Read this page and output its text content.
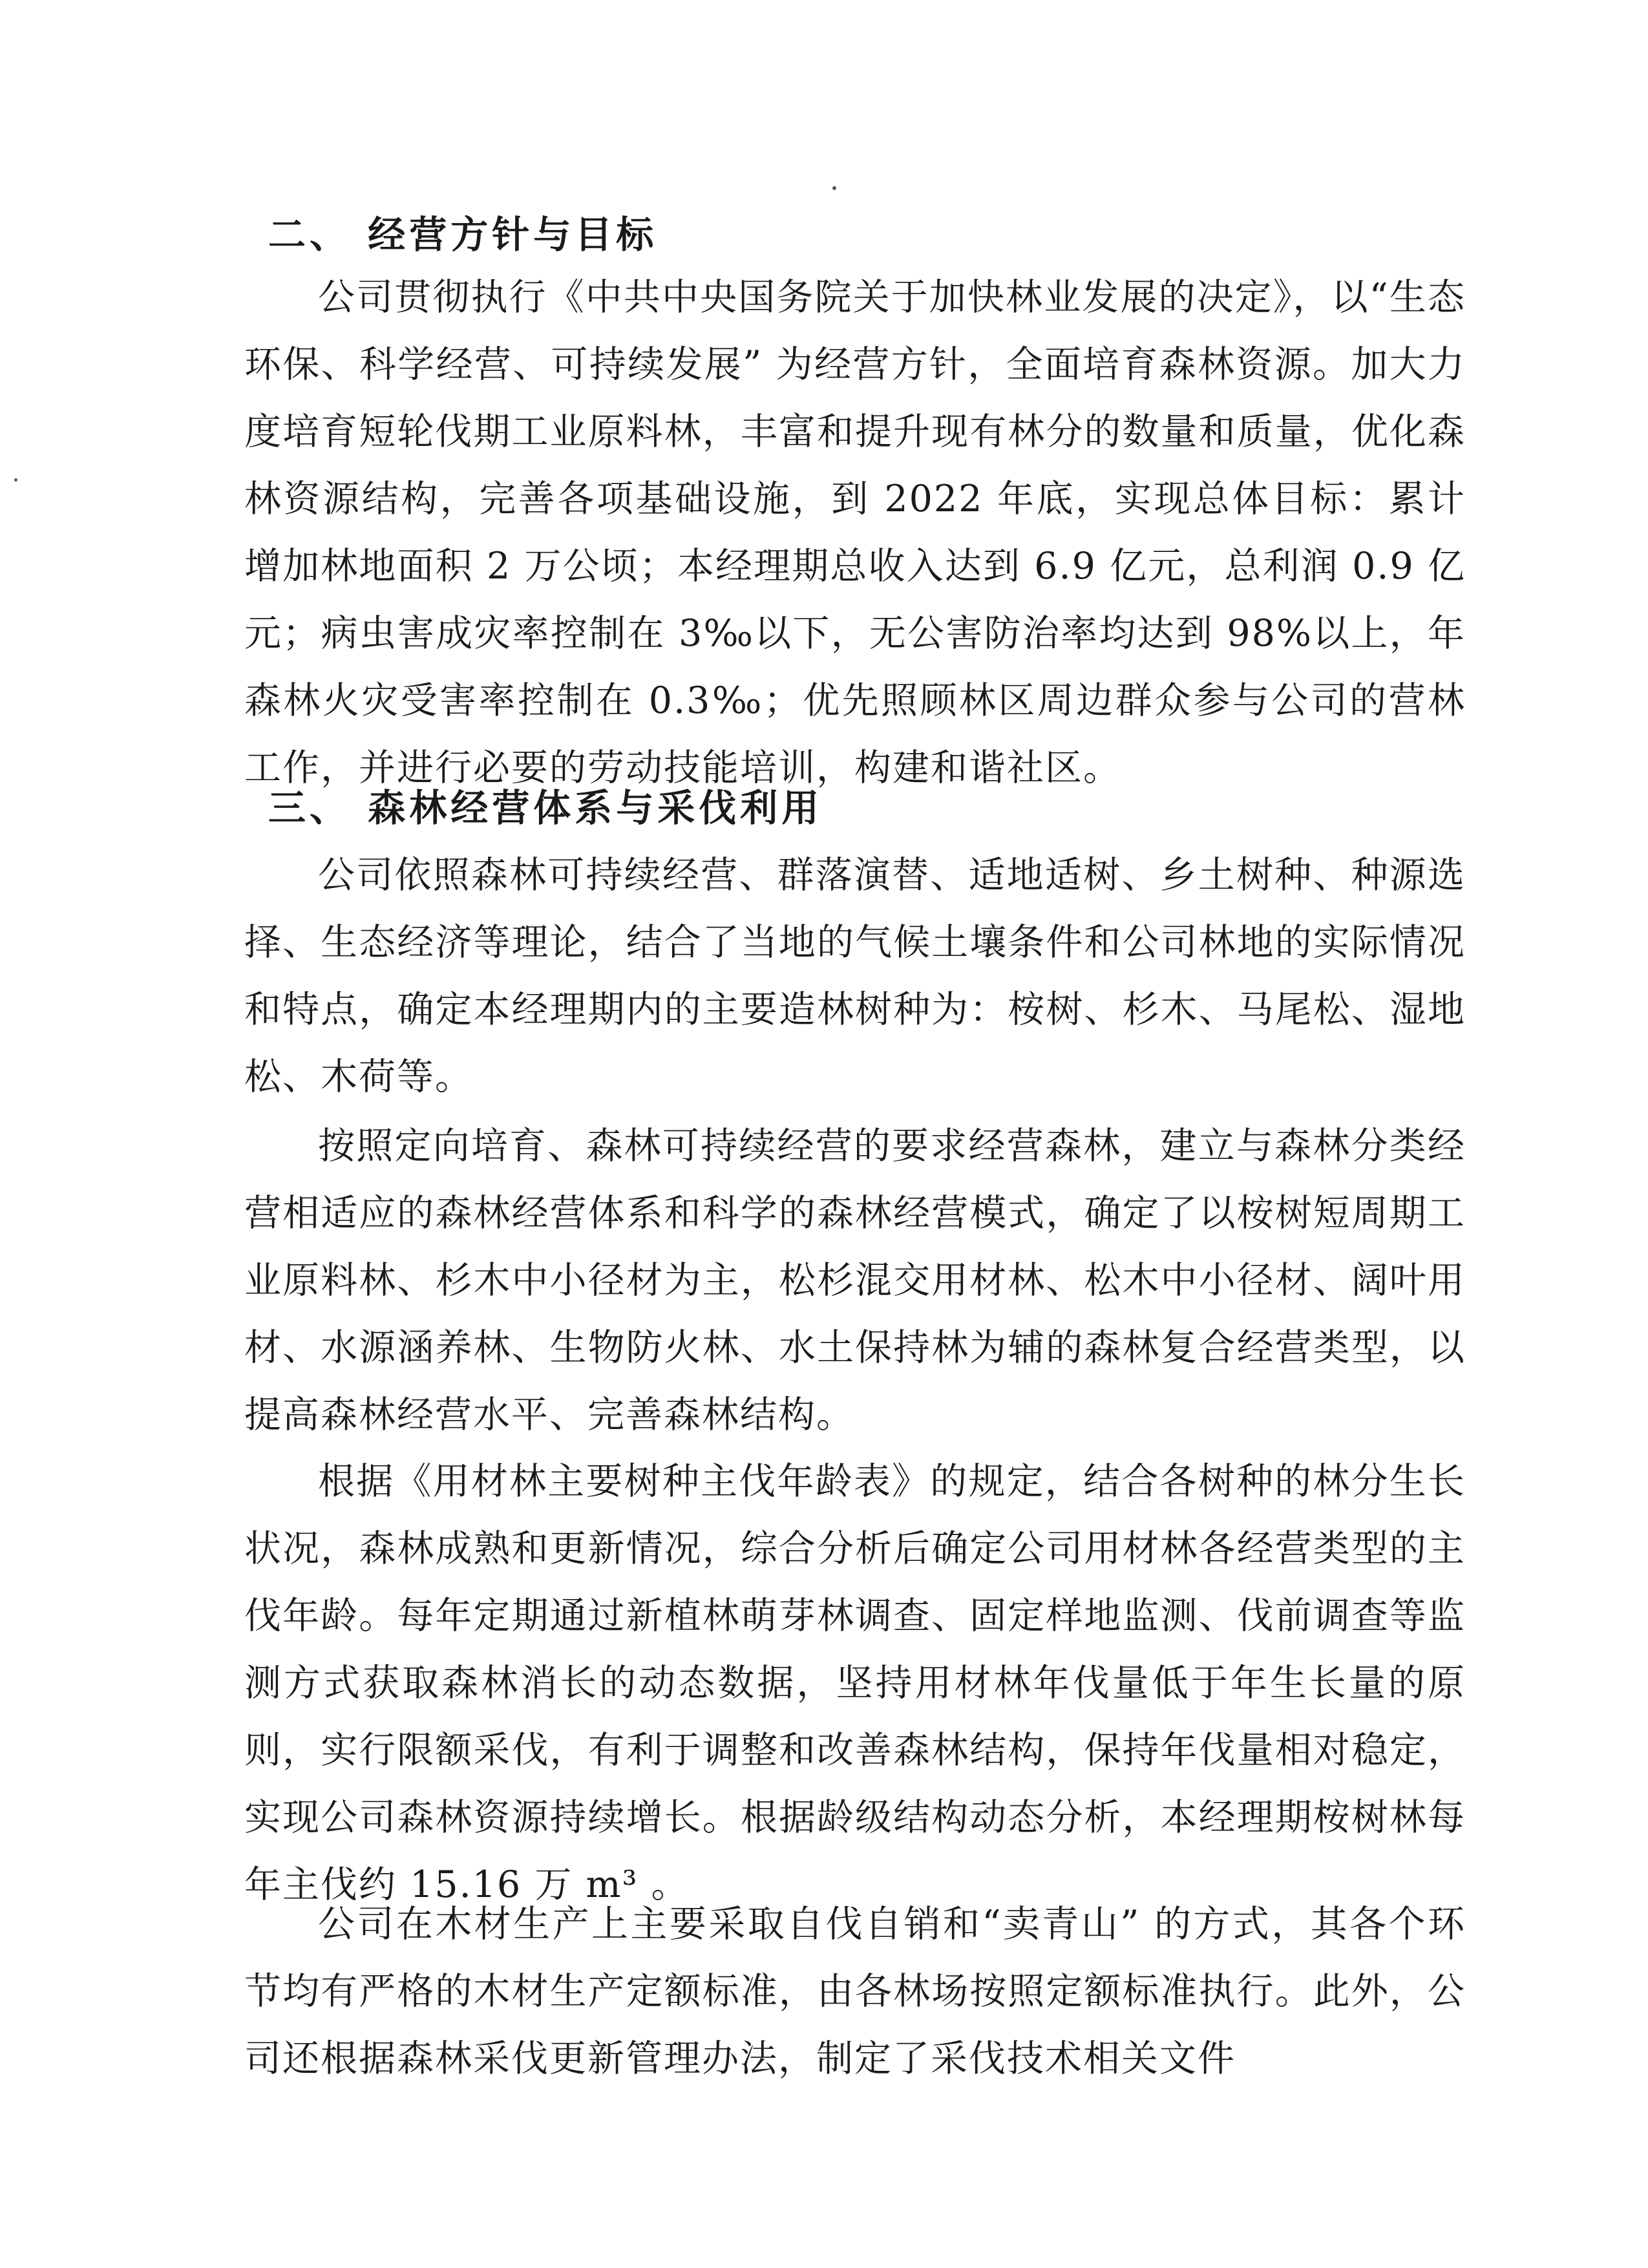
二、 经营方针与目标

公司贯彻执行《中共中央国务院关于加快林业发展的决定》，以“生态环保、科学经营、可持续发展” 为经营方针，全面培育森林资源。加大力度培育短轮伐期工业原料林，丰富和提升现有林分的数量和质量，优化森林资源结构，完善各项基础设施，到 2022 年底，实现总体目标：累计增加林地面积 2 万公顷；本经理期总收入达到 6.9 亿元，总利润 0.9 亿元；病虫害成灾率控制在 3‰以下，无公害防治率均达到 98%以上，年森林火灾受害率控制在 0.3‰；优先照顾林区周边群众参与公司的营林工作，并进行必要的劳动技能培训，构建和谐社区。

三、 森林经营体系与采伐利用

公司依照森林可持续经营、群落演替、适地适树、乡土树种、种源选择、生态经济等理论，结合了当地的气候土壤条件和公司林地的实际情况和特点，确定本经理期内的主要造林树种为：桉树、杉木、马尾松、湿地松、木荷等。

按照定向培育、森林可持续经营的要求经营森林，建立与森林分类经营相适应的森林经营体系和科学的森林经营模式，确定了以桉树短周期工业原料林、杉木中小径材为主，松杉混交用材林、松木中小径材、阔叶用材、水源涵养林、生物防火林、水土保持林为辅的森林复合经营类型，以提高森林经营水平、完善森林结构。

根据《用材林主要树种主伐年龄表》的规定，结合各树种的林分生长状况，森林成熟和更新情况，综合分析后确定公司用材林各经营类型的主伐年龄。每年定期通过新植林萌芽林调查、固定样地监测、伐前调查等监测方式获取森林消长的动态数据，坚持用材林年伐量低于年生长量的原则，实行限额采伐，有利于调整和改善森林结构，保持年伐量相对稳定，实现公司森林资源持续增长。根据龄级结构动态分析，本经理期桉树林每年主伐约 15.16 万 m³ 。

公司在木材生产上主要采取自伐自销和“卖青山” 的方式，其各个环节均有严格的木材生产定额标准，由各林场按照定额标准执行。此外，公司还根据森林采伐更新管理办法，制定了采伐技术相关文件
